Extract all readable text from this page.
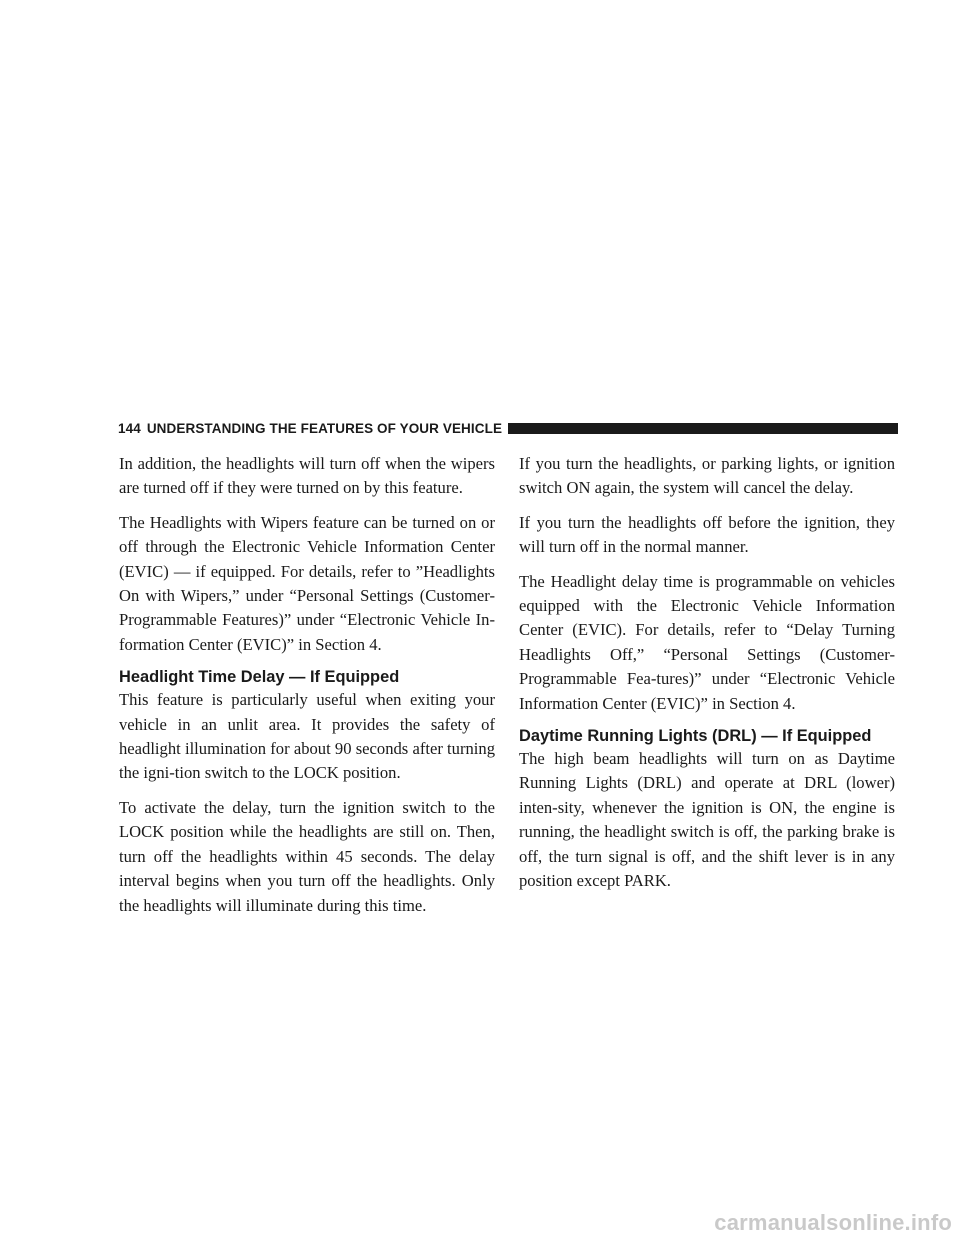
144 UNDERSTANDING THE FEATURES OF YOUR VEHICLE

In addition, the headlights will turn off when the wipers are turned off if they were turned on by this feature.

The Headlights with Wipers feature can be turned on or off through the Electronic Vehicle Information Center (EVIC) — if equipped. For details, refer to ”Headlights On with Wipers,” under “Personal Settings (Customer-Programmable Features)” under “Electronic Vehicle In-formation Center (EVIC)” in Section 4.

Headlight Time Delay — If Equipped

This feature is particularly useful when exiting your vehicle in an unlit area. It provides the safety of headlight illumination for about 90 seconds after turning the igni-tion switch to the LOCK position.

To activate the delay, turn the ignition switch to the LOCK position while the headlights are still on. Then, turn off the headlights within 45 seconds. The delay interval begins when you turn off the headlights. Only the headlights will illuminate during this time.

If you turn the headlights, or parking lights, or ignition switch ON again, the system will cancel the delay.

If you turn the headlights off before the ignition, they will turn off in the normal manner.

The Headlight delay time is programmable on vehicles equipped with the Electronic Vehicle Information Center (EVIC). For details, refer to “Delay Turning Headlights Off,” “Personal Settings (Customer-Programmable Fea-tures)” under “Electronic Vehicle Information Center (EVIC)” in Section 4.

Daytime Running Lights (DRL) — If Equipped

The high beam headlights will turn on as Daytime Running Lights (DRL) and operate at DRL (lower) inten-sity, whenever the ignition is ON, the engine is running, the headlight switch is off, the parking brake is off, the turn signal is off, and the shift lever is in any position except PARK.

carmanualsonline.info
